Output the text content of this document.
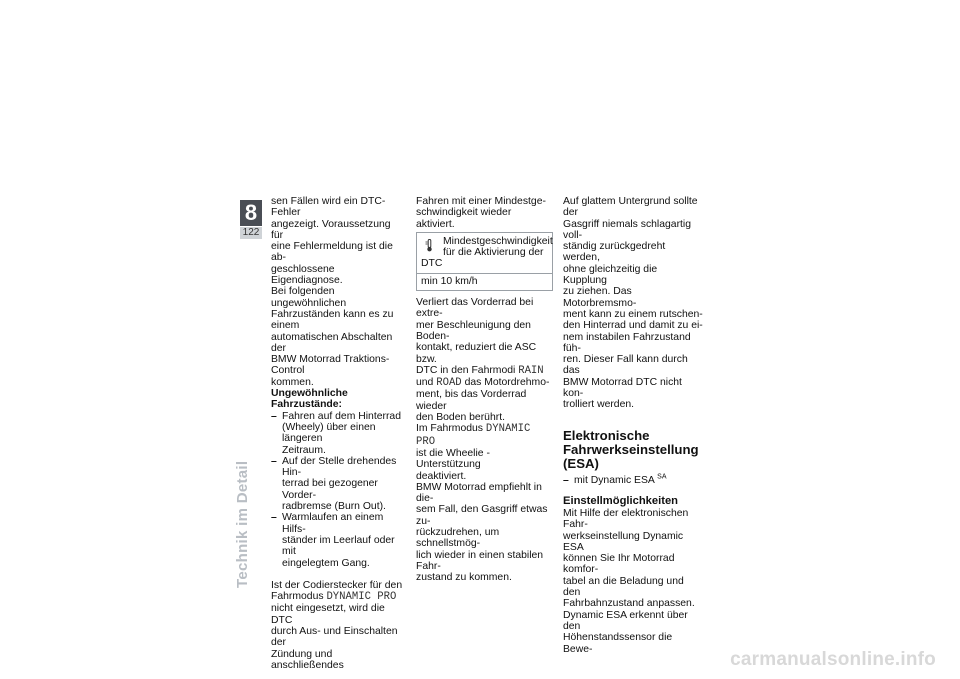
8
122
Technik im Detail

sen Fällen wird ein DTC-Fehler
angezeigt. Voraussetzung für
eine Fehlermeldung ist die ab-
geschlossene Eigendiagnose.
Bei folgenden ungewöhnlichen
Fahrzuständen kann es zu einem
automatischen Abschalten der
BMW Motorrad Traktions-Control
kommen.

Ungewöhnliche
Fahrzustände:

– Fahren auf dem Hinterrad
(Wheely) über einen längeren
Zeitraum.
– Auf der Stelle drehendes Hin-
terrad bei gezogener Vorder-
radbremse (Burn Out).
– Warmlaufen an einem Hilfs-
ständer im Leerlauf oder mit
eingelegtem Gang.

Ist der Codierstecker für den
Fahrmodus DYNAMIC PRO
nicht eingesetzt, wird die DTC
durch Aus- und Einschalten der
Zündung und anschließendes

Fahren mit einer Mindestge-
schwindigkeit wieder aktiviert.

Mindestgeschwindigkeit
für die Aktivierung der
DTC
min 10 km/h

Verliert das Vorderrad bei extre-
mer Beschleunigung den Boden-
kontakt, reduziert die ASC bzw.
DTC in den Fahrmodi RAIN
und ROAD das Motordrehmo-
ment, bis das Vorderrad wieder
den Boden berührt.
Im Fahrmodus DYNAMIC PRO
ist die Wheelie -Unterstützung
deaktiviert.
BMW Motorrad empfiehlt in die-
sem Fall, den Gasgriff etwas zu-
rückzudrehen, um schnellstmög-
lich wieder in einen stabilen Fahr-
zustand zu kommen.

Auf glattem Untergrund sollte der
Gasgriff niemals schlagartig voll-
ständig zurückgedreht werden,
ohne gleichzeitig die Kupplung
zu ziehen. Das Motorbremsmo-
ment kann zu einem rutschen-
den Hinterrad und damit zu ei-
nem instabilen Fahrzustand füh-
ren. Dieser Fall kann durch das
BMW Motorrad DTC nicht kon-
trolliert werden.

Elektronische
Fahrwerkseinstellung
(ESA)
– mit Dynamic ESA $^{SA}$
Einstellmöglichkeiten

Mit Hilfe der elektronischen Fahr-
werkseinstellung Dynamic ESA
können Sie Ihr Motorrad komfor-
tabel an die Beladung und den
Fahrbahnzustand anpassen.
Dynamic ESA erkennt über den
Höhenstandssensor die Bewe-	carmanualsonline.info
